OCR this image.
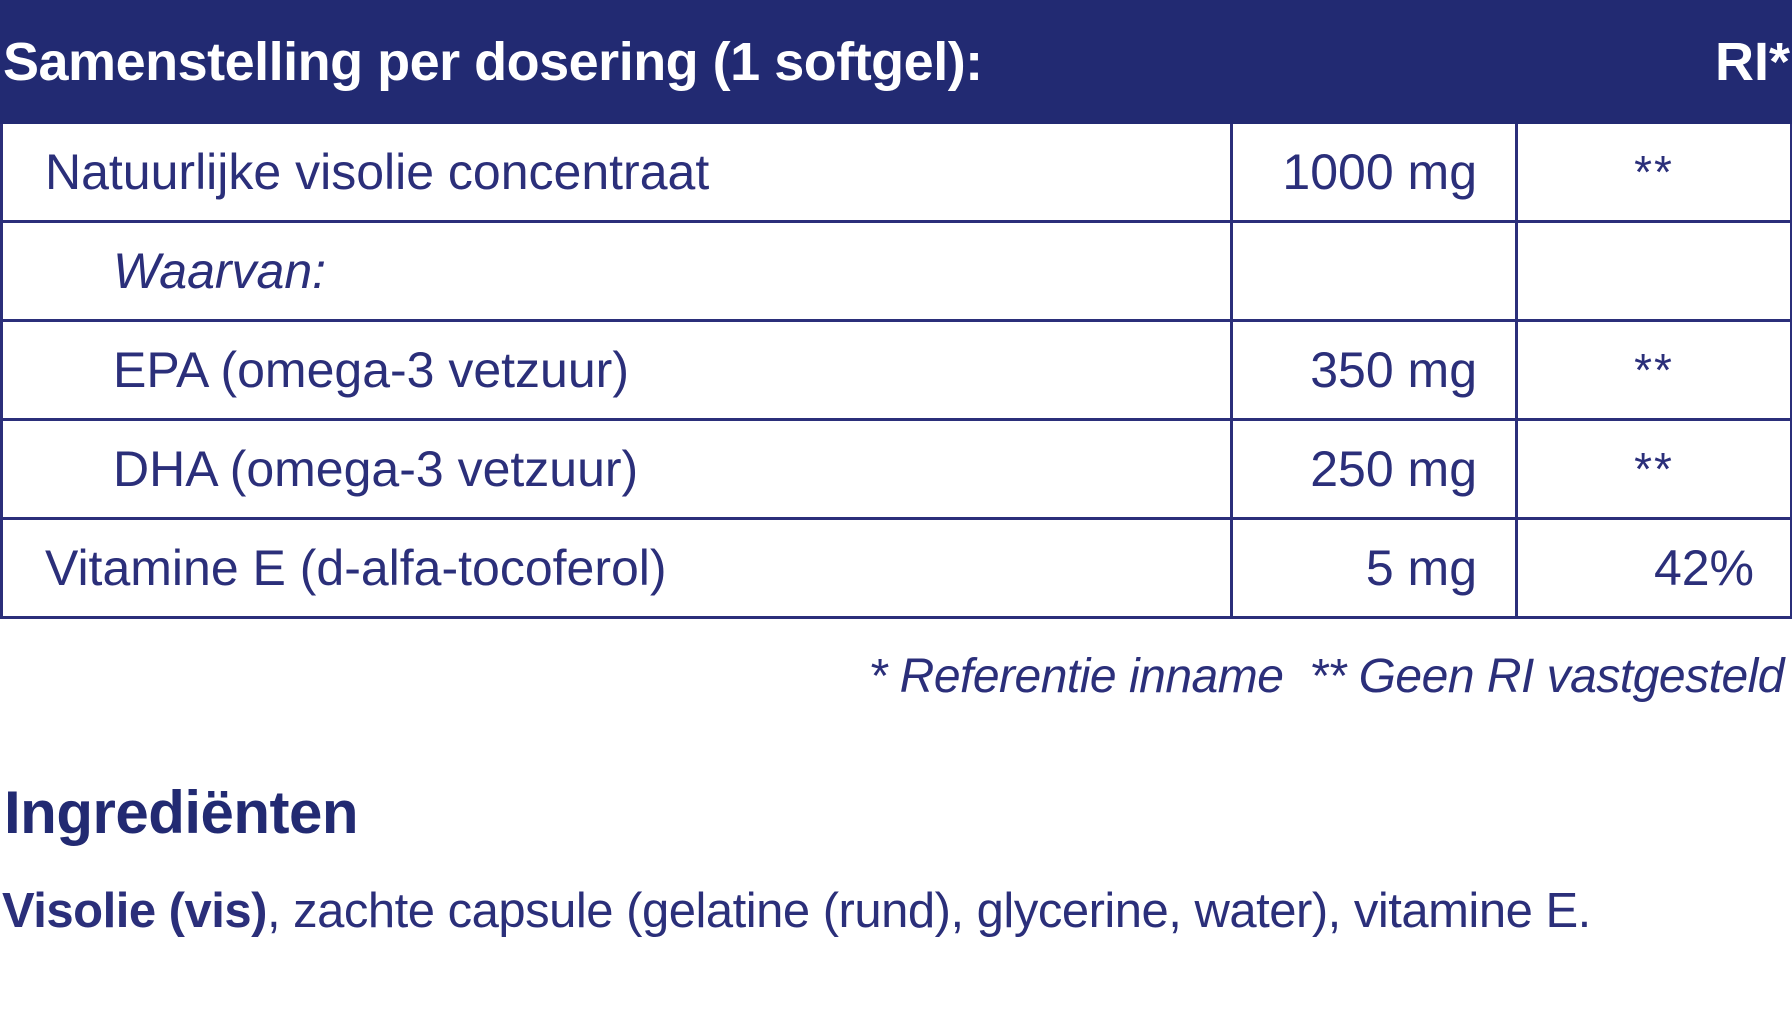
Samenstelling per dosering (1 softgel):		RI*
Natuurlijke visolie concentraat	1000 mg	**
Waarvan:		
EPA (omega-3 vetzuur)	350 mg	**
DHA (omega-3 vetzuur)	250 mg	**
Vitamine E (d-alfa-tocoferol)	5 mg	42%
* Referentie inname ** Geen RI vastgesteld
Ingrediënten
Visolie (vis), zachte capsule (gelatine (rund), glycerine, water), vitamine E.
